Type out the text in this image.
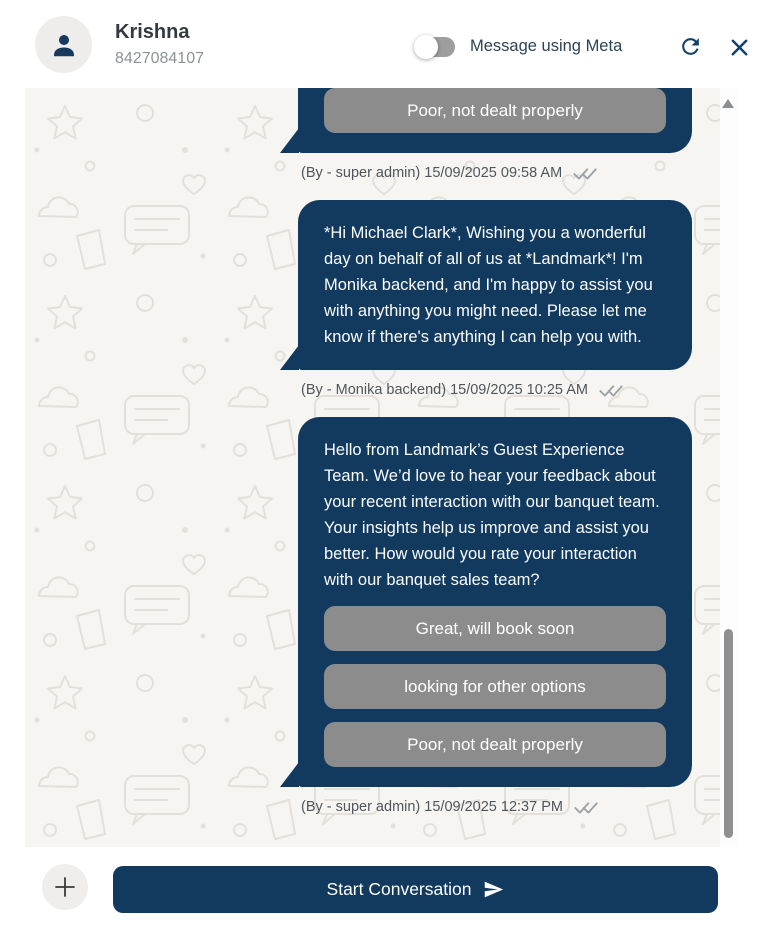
Krishna
8427084107
Message using Meta
Poor, not dealt properly
(By - super admin) 15/09/2025 09:58 AM
*Hi Michael Clark*, Wishing you a wonderful day on behalf of all of us at *Landmark*! I'm Monika backend, and I'm happy to assist you with anything you might need. Please let me know if there's anything I can help you with.
(By - Monika backend) 15/09/2025 10:25 AM
Hello from Landmark’s Guest Experience Team. We’d love to hear your feedback about your recent interaction with our banquet team. Your insights help us improve and assist you better. How would you rate your interaction with our banquet sales team?
Great, will book soon
looking for other options
Poor, not dealt properly
(By - super admin) 15/09/2025 12:37 PM
Start Conversation
